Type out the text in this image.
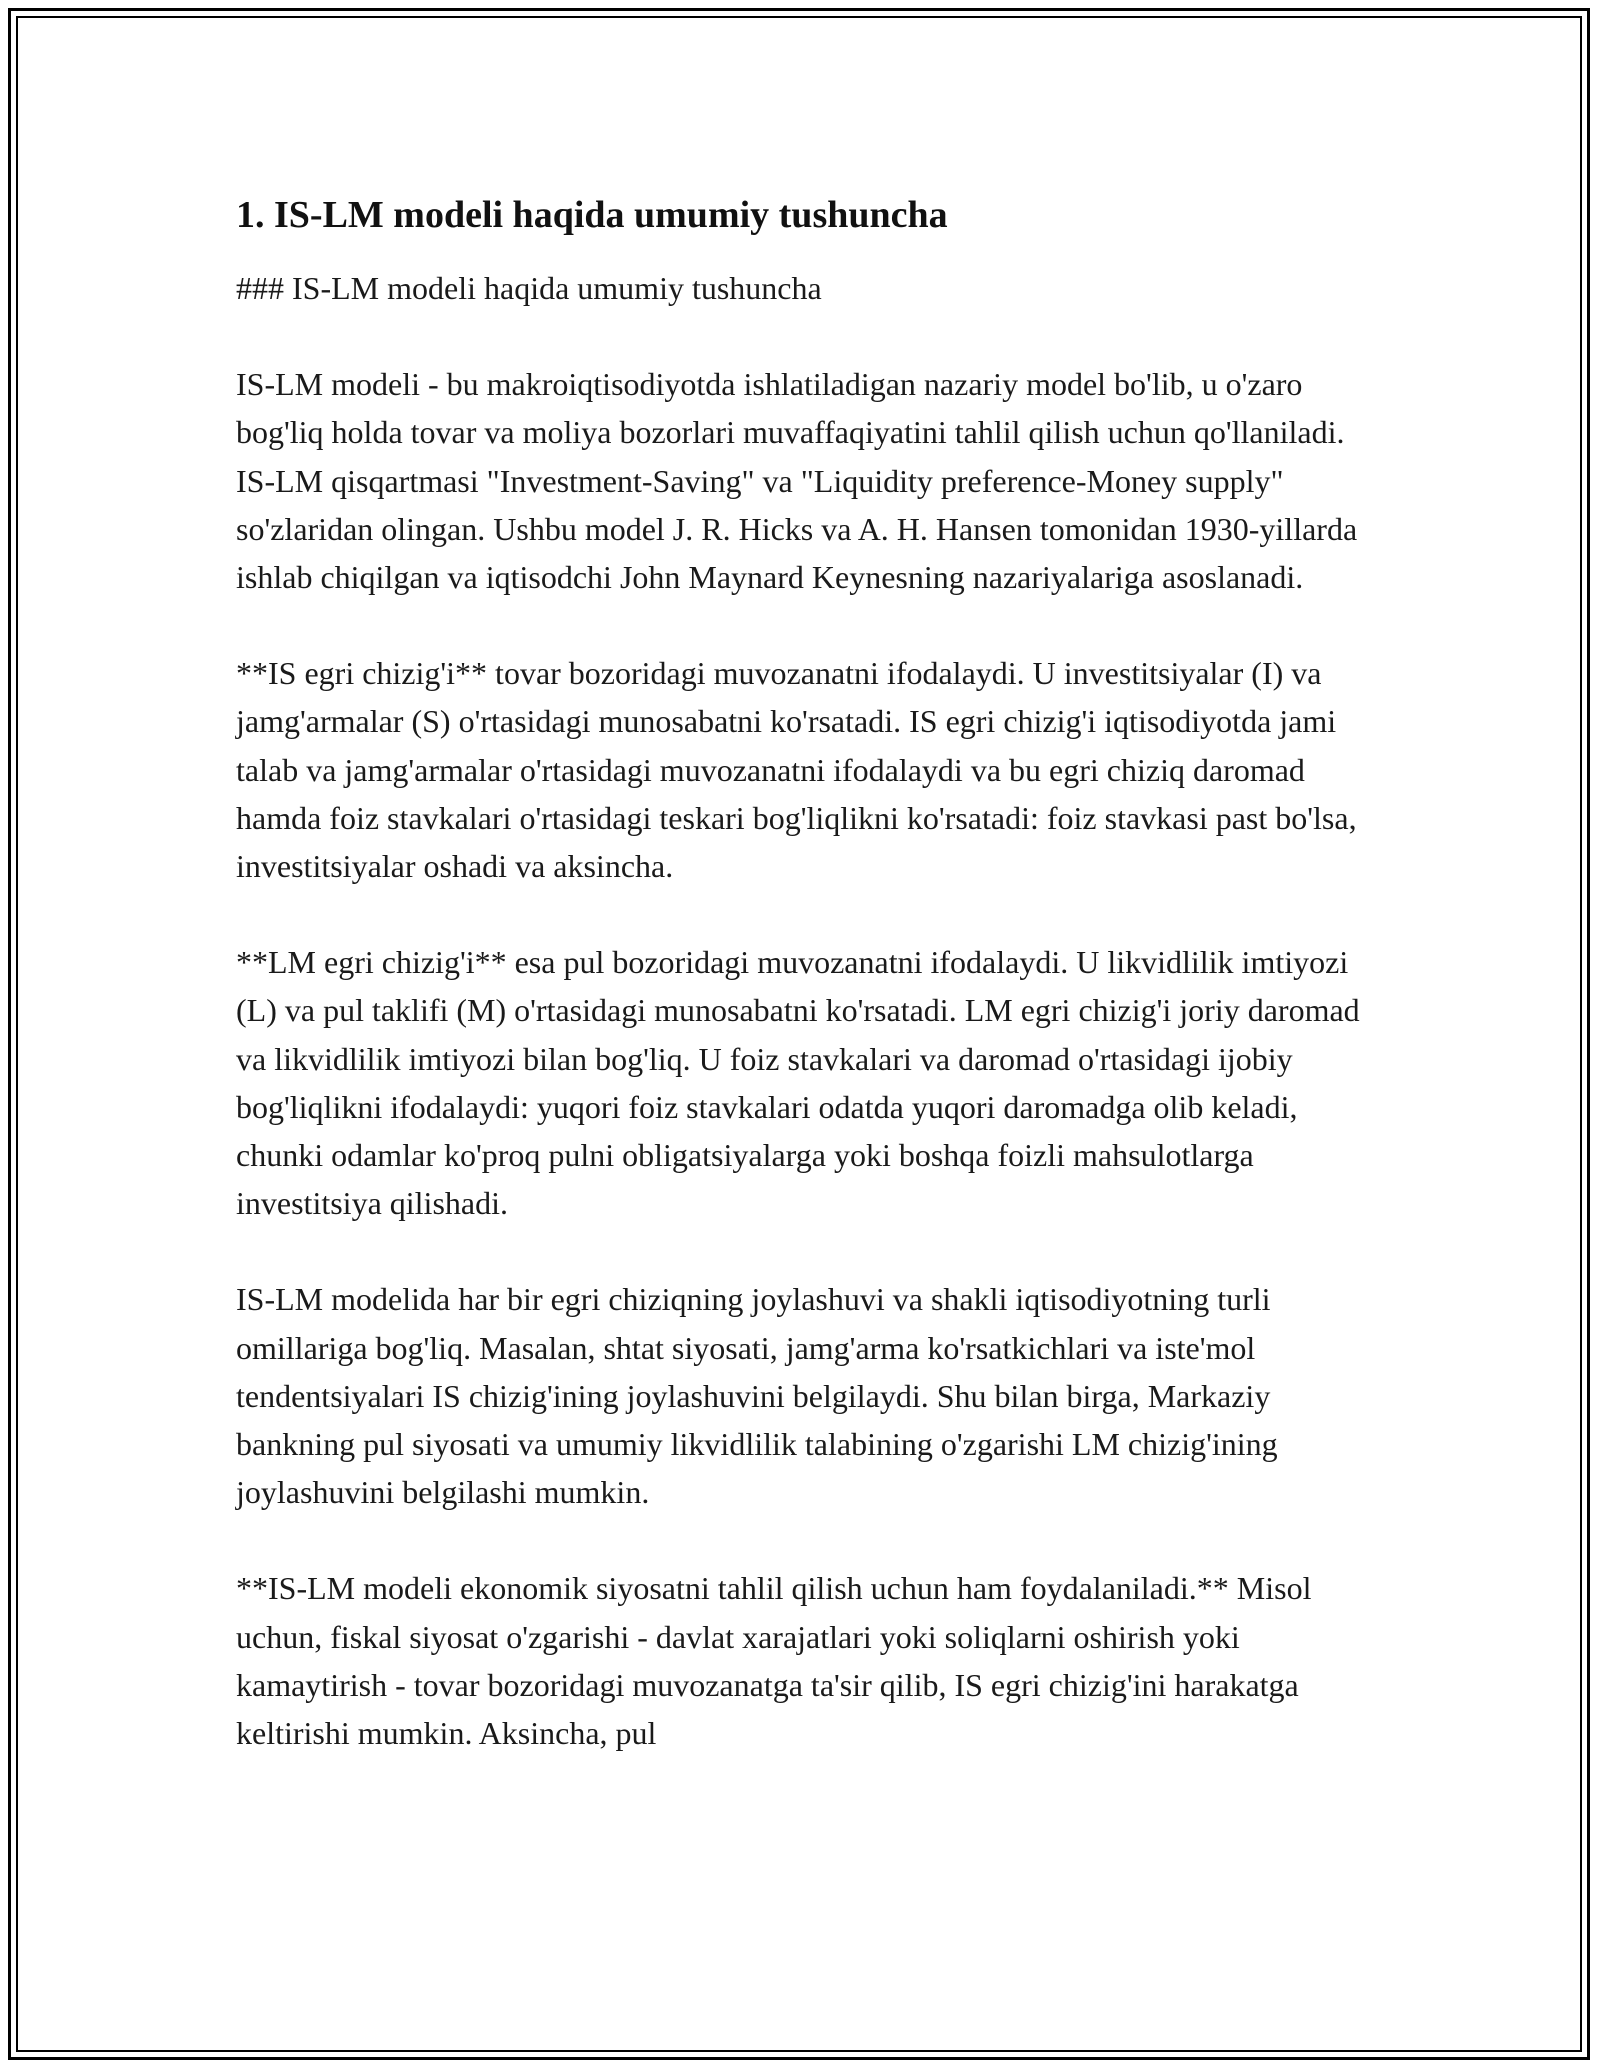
1. IS-LM modeli haqida umumiy tushuncha

### IS-LM modeli haqida umumiy tushuncha

IS-LM modeli - bu makroiqtisodiyotda ishlatiladigan nazariy model bo'lib, u o'zaro bog'liq holda tovar va moliya bozorlari muvaffaqiyatini tahlil qilish uchun qo'llaniladi. IS-LM qisqartmasi "Investment-Saving" va "Liquidity preference-Money supply" so'zlaridan olingan. Ushbu model J. R. Hicks va A. H. Hansen tomonidan 1930-yillarda ishlab chiqilgan va iqtisodchi John Maynard Keynesning nazariyalariga asoslanadi.

**IS egri chizig'i** tovar bozoridagi muvozanatni ifodalaydi. U investitsiyalar (I) va jamg'armalar (S) o'rtasidagi munosabatni ko'rsatadi. IS egri chizig'i iqtisodiyotda jami talab va jamg'armalar o'rtasidagi muvozanatni ifodalaydi va bu egri chiziq daromad hamda foiz stavkalari o'rtasidagi teskari bog'liqlikni ko'rsatadi: foiz stavkasi past bo'lsa, investitsiyalar oshadi va aksincha.

**LM egri chizig'i** esa pul bozoridagi muvozanatni ifodalaydi. U likvidlilik imtiyozi (L) va pul taklifi (M) o'rtasidagi munosabatni ko'rsatadi. LM egri chizig'i joriy daromad va likvidlilik imtiyozi bilan bog'liq. U foiz stavkalari va daromad o'rtasidagi ijobiy bog'liqlikni ifodalaydi: yuqori foiz stavkalari odatda yuqori daromadga olib keladi, chunki odamlar ko'proq pulni obligatsiyalarga yoki boshqa foizli mahsulotlarga investitsiya qilishadi.

IS-LM modelida har bir egri chiziqning joylashuvi va shakli iqtisodiyotning turli omillariga bog'liq. Masalan, shtat siyosati, jamg'arma ko'rsatkichlari va iste'mol tendentsiyalari IS chizig'ining joylashuvini belgilaydi. Shu bilan birga, Markaziy bankning pul siyosati va umumiy likvidlilik talabining o'zgarishi LM chizig'ining joylashuvini belgilashi mumkin.

**IS-LM modeli ekonomik siyosatni tahlil qilish uchun ham foydalaniladi.** Misol uchun, fiskal siyosat o'zgarishi - davlat xarajatlari yoki soliqlarni oshirish yoki kamaytirish - tovar bozoridagi muvozanatga ta'sir qilib, IS egri chizig'ini harakatga keltirishi mumkin. Aksincha, pul
